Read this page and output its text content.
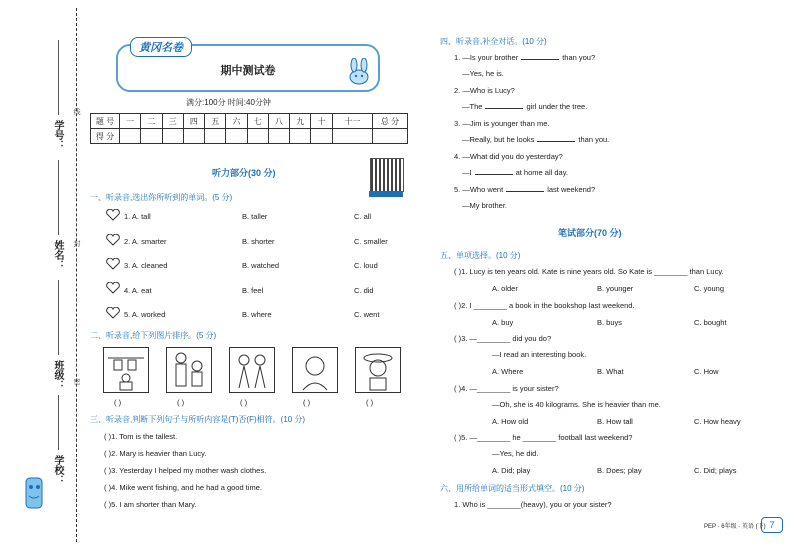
线
封
密
学号：
姓名：
班级：
学校：
期中测试卷
黄冈名卷
满分:100分 时间:40分钟
题 号	一	二	三	四	五	六	七	八	九	十	十一	总 分
得 分												
听力部分(30 分)
一、听录音,选出你所听到的单词。(5 分)
1. A. tall	B. taller	C. all
2. A. smarter	B. shorter	C. smaller
3. A. cleaned	B. watched	C. loud
4. A. eat	B. feel	C. did
5. A. worked	B. where	C. went
二、听录音,给下列图片排序。(5 分)
( )	( )	( )	( )	( )
三、听录音,判断下列句子与所听内容是(T)否(F)相符。(10 分)
( )1. Tom is the tallest.
( )2. Mary is heavier than Lucy.
( )3. Yesterday I helped my mother wash clothes.
( )4. Mike went fishing, and he had a good time.
( )5. I am shorter than Mary.
四、听录音,补全对话。(10 分)
1. —Is your brother	than you?
—Yes, he is.
2. —Who is Lucy?
—The	girl under the tree.
3. —Jim is younger than me.
—Really, but he looks	than you.
4. —What did you do yesterday?
—I	at home all day.
5. —Who went	last weekend?
—My brother.
笔试部分(70 分)
五、单项选择。(10 分)
( )1. Lucy is ten years old. Kate is nine years old. So Kate is ________ than Lucy.
A. older	B. younger	C. young
( )2. I ________ a book in the bookshop last weekend.
A. buy	B. buys	C. bought
( )3. —________ did you do?
—I read an interesting book.
A. Where	B. What	C. How
( )4. —________ is your sister?
—Oh, she is 40 kilograms. She is heavier than me.
A. How old	B. How tall	C. How heavy
( )5. —________ he ________ football last weekend?
—Yes, he did.
A. Did; play	B. Does; play	C. Did; plays
六、用所给单词的适当形式填空。(10 分)
1. Who is ________(heavy), you or your sister?
PEP · 6年级 · 英语 (下) 7
